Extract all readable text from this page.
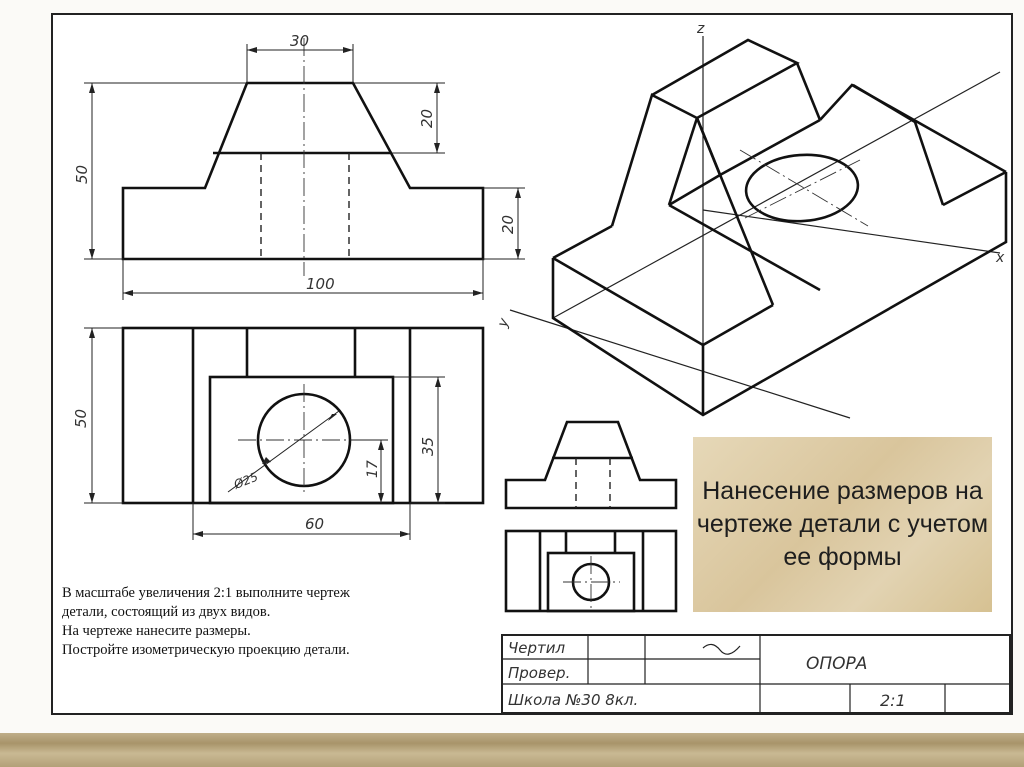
30
20
50
20
100
Ø25
50
35
17
60
z
x
y
Чертил
Провер.
Школа №30 8кл.
ОПОРА
2:1
В масштабе увеличения 2:1 выполните чертеж
детали, состоящий из двух видов.
На чертеже нанесите размеры.
Постройте изометрическую проекцию детали.
Нанесение размеров на чертеже детали с учетом ее формы
